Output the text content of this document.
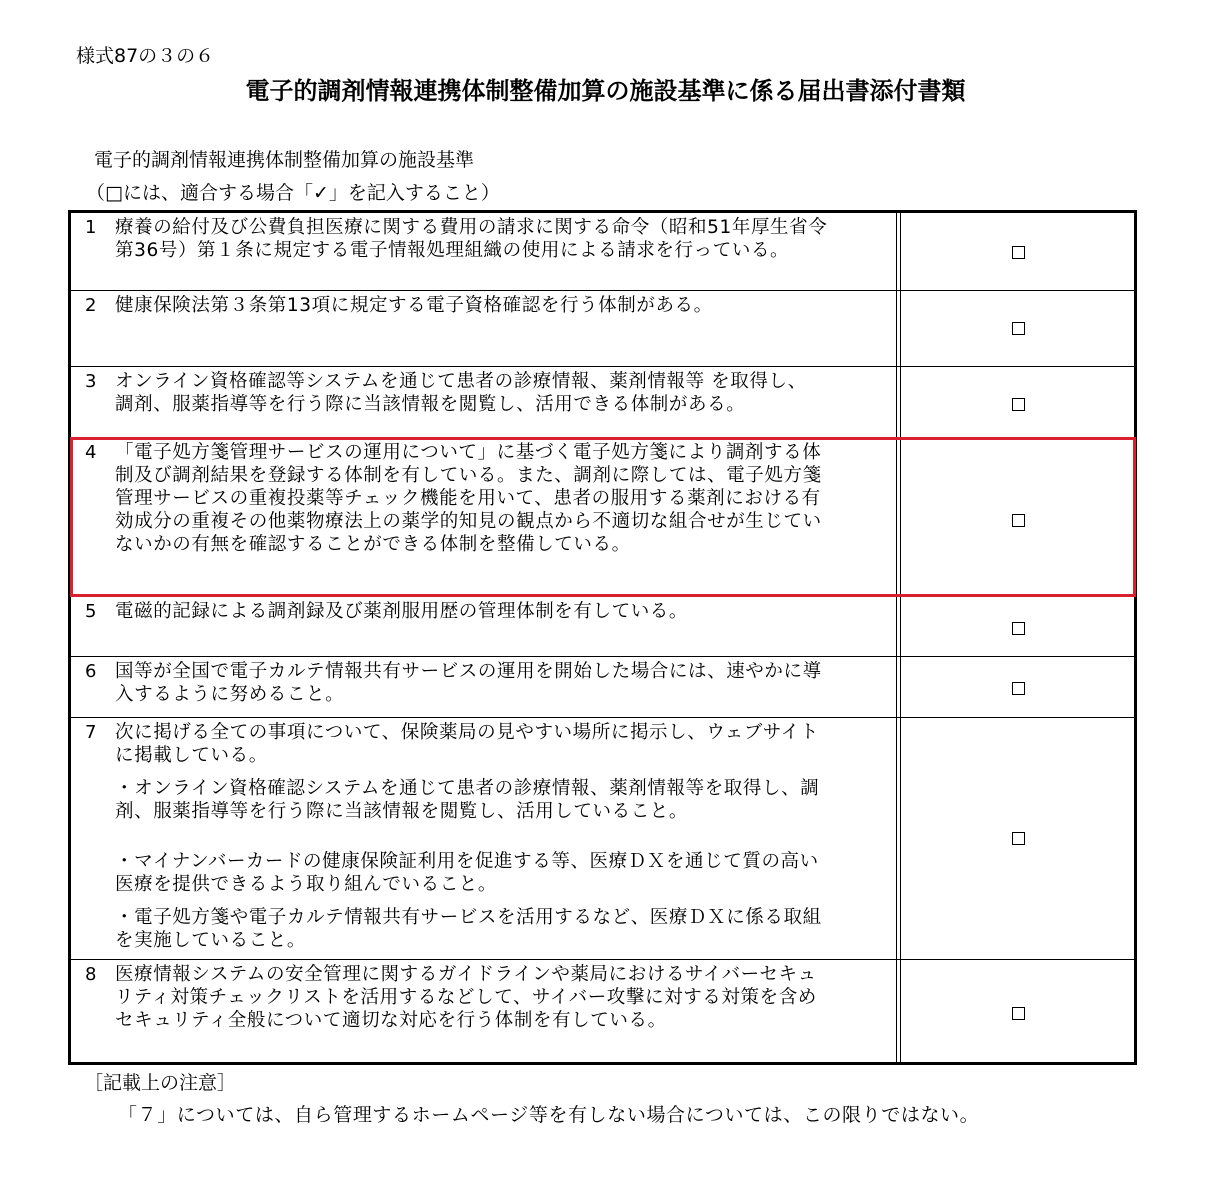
様式87の３の６
電子的調剤情報連携体制整備加算の施設基準に係る届出書添付書類
電子的調剤情報連携体制整備加算の施設基準
（□には、適合する場合「✓」を記入すること）
1 療養の給付及び公費負担医療に関する費用の請求に関する命令（昭和51年厚生省令

第36号）第１条に規定する電子情報処理組織の使用による請求を行っている。

2 健康保険法第３条第13項に規定する電子資格確認を行う体制がある。

3 オンライン資格確認等システムを通じて患者の診療情報、薬剤情報等 を取得し、

調剤、服薬指導等を行う際に当該情報を閲覧し、活用できる体制がある。

4 「電子処方箋管理サービスの運用について」に基づく電子処方箋により調剤する体

制及び調剤結果を登録する体制を有している。また、調剤に際しては、電子処方箋

管理サービスの重複投薬等チェック機能を用いて、患者の服用する薬剤における有

効成分の重複その他薬物療法上の薬学的知見の観点から不適切な組合せが生じてい

ないかの有無を確認することができる体制を整備している。

5 電磁的記録による調剤録及び薬剤服用歴の管理体制を有している。

6 国等が全国で電子カルテ情報共有サービスの運用を開始した場合には、速やかに導

入するように努めること。

7 次に掲げる全ての事項について、保険薬局の見やすい場所に掲示し、ウェブサイト

に掲載している。

・オンライン資格確認システムを通じて患者の診療情報、薬剤情報等を取得し、調

剤、服薬指導等を行う際に当該情報を閲覧し、活用していること。

・マイナンバーカードの健康保険証利用を促進する等、医療ＤＸを通じて質の高い

医療を提供できるよう取り組んでいること。

・電子処方箋や電子カルテ情報共有サービスを活用するなど、医療ＤＸに係る取組

を実施していること。

8 医療情報システムの安全管理に関するガイドラインや薬局におけるサイバーセキュ

リティ対策チェックリストを活用するなどして、サイバー攻撃に対する対策を含め

セキュリティ全般について適切な対応を行う体制を有している。

［記載上の注意］
「７」については、自ら管理するホームページ等を有しない場合については、この限りではない。
